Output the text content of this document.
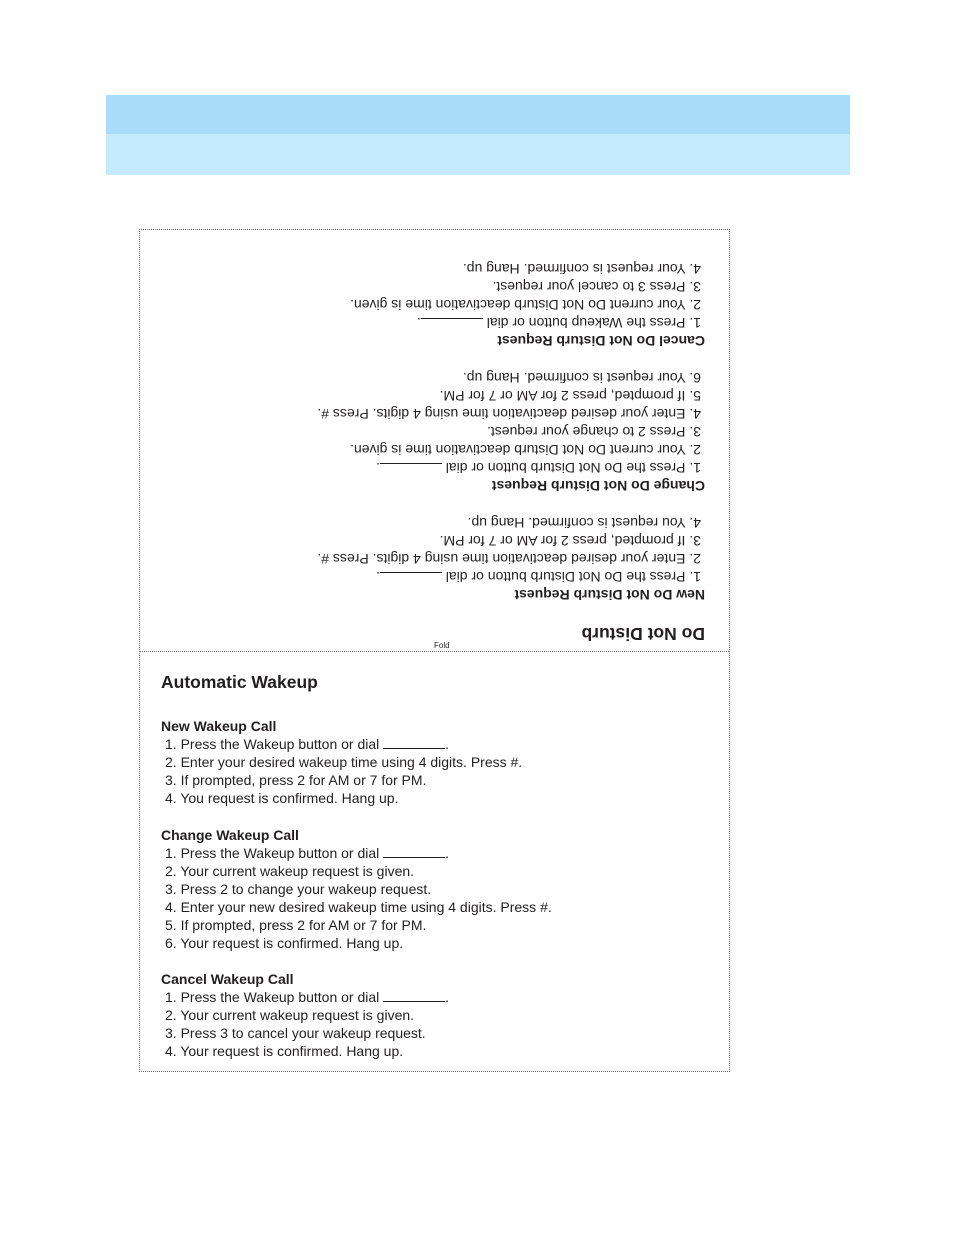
Do Not Disturb
New Do Not Disturb Request
1. Press the Do Not Disturb button or dial .
2. Enter your desired deactivation time using 4 digits. Press #.
3. If prompted, press 2 for AM or 7 for PM.
4. You request is confirmed. Hang up.
Change Do Not Disturb Request
1. Press the Do Not Disturb button or dial .
2. Your current Do Not Disturb deactivation time is given.
3. Press 2 to change your request.
4. Enter your desired deactivation time using 4 digits. Press #.
5. If prompted, press 2 for AM or 7 for PM.
6. Your request is confirmed. Hang up.
Cancel Do Not Disturb Request
1. Press the Wakeup button or dial .
2. Your current Do Not Disturb deactivation time is given.
3. Press 3 to cancel your request.
4. Your request is confirmed. Hang up.
Fold
Automatic Wakeup
New Wakeup Call
1. Press the Wakeup button or dial	.
2. Enter your desired wakeup time using 4 digits. Press #.
3. If prompted, press 2 for AM or 7 for PM.
4. You request is confirmed. Hang up.
Change Wakeup Call
1. Press the Wakeup button or dial	.
2. Your current wakeup request is given.
3. Press 2 to change your wakeup request.
4. Enter your new desired wakeup time using 4 digits. Press #.
5. If prompted, press 2 for AM or 7 for PM.
6. Your request is confirmed. Hang up.
Cancel Wakeup Call
1. Press the Wakeup button or dial	.
2. Your current wakeup request is given.
3. Press 3 to cancel your wakeup request.
4. Your request is confirmed. Hang up.
